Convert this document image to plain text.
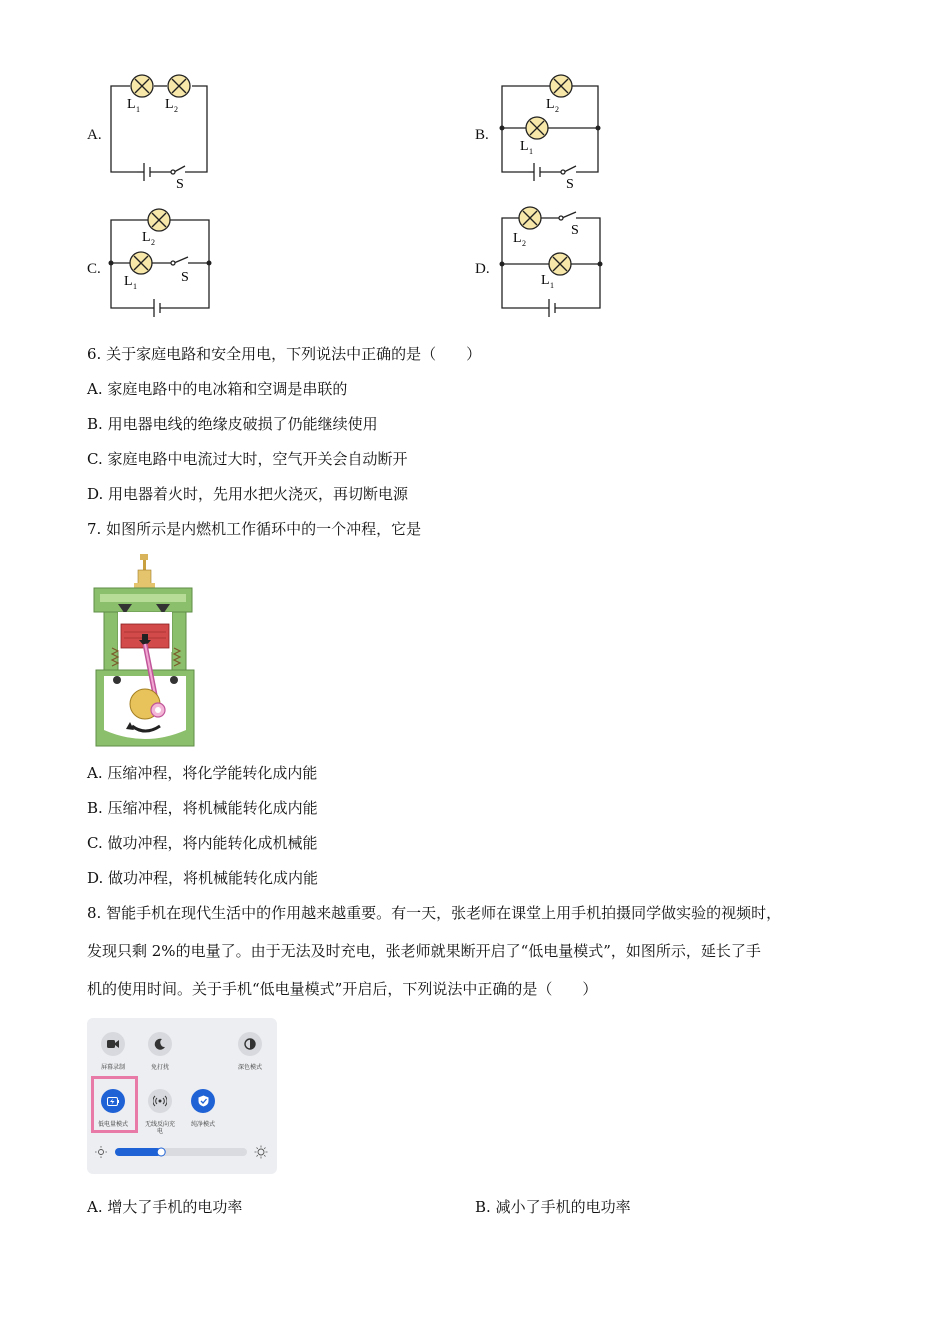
A.
L 1 L 2
S
B.
L 2
L 1
S
C.
L 2
L 1
S
D.
L 2
S
L 1
6. 关于家庭电路和安全用电，下列说法中正确的是（　　）
A. 家庭电路中的电冰箱和空调是串联的
B. 用电器电线的绝缘皮破损了仍能继续使用
C. 家庭电路中电流过大时，空气开关会自动断开
D. 用电器着火时，先用水把火浇灭，再切断电源
7. 如图所示是内燃机工作循环中的一个冲程，它是
A. 压缩冲程，将化学能转化成内能
B. 压缩冲程，将机械能转化成内能
C. 做功冲程，将内能转化成机械能
D. 做功冲程，将机械能转化成内能
8. 智能手机在现代生活中的作用越来越重要。有一天，张老师在课堂上用手机拍摄同学做实验的视频时，
发现只剩 2%的电量了。由于无法及时充电，张老师就果断开启了“低电量模式”，如图所示，延长了手
机的使用时间。关于手机“低电量模式”开启后，下列说法中正确的是（　　）
屏幕录制	免打扰	深色模式
低电量模式	无线反向充
电
纯净模式
A. 增大了手机的电功率	B. 减小了手机的电功率
